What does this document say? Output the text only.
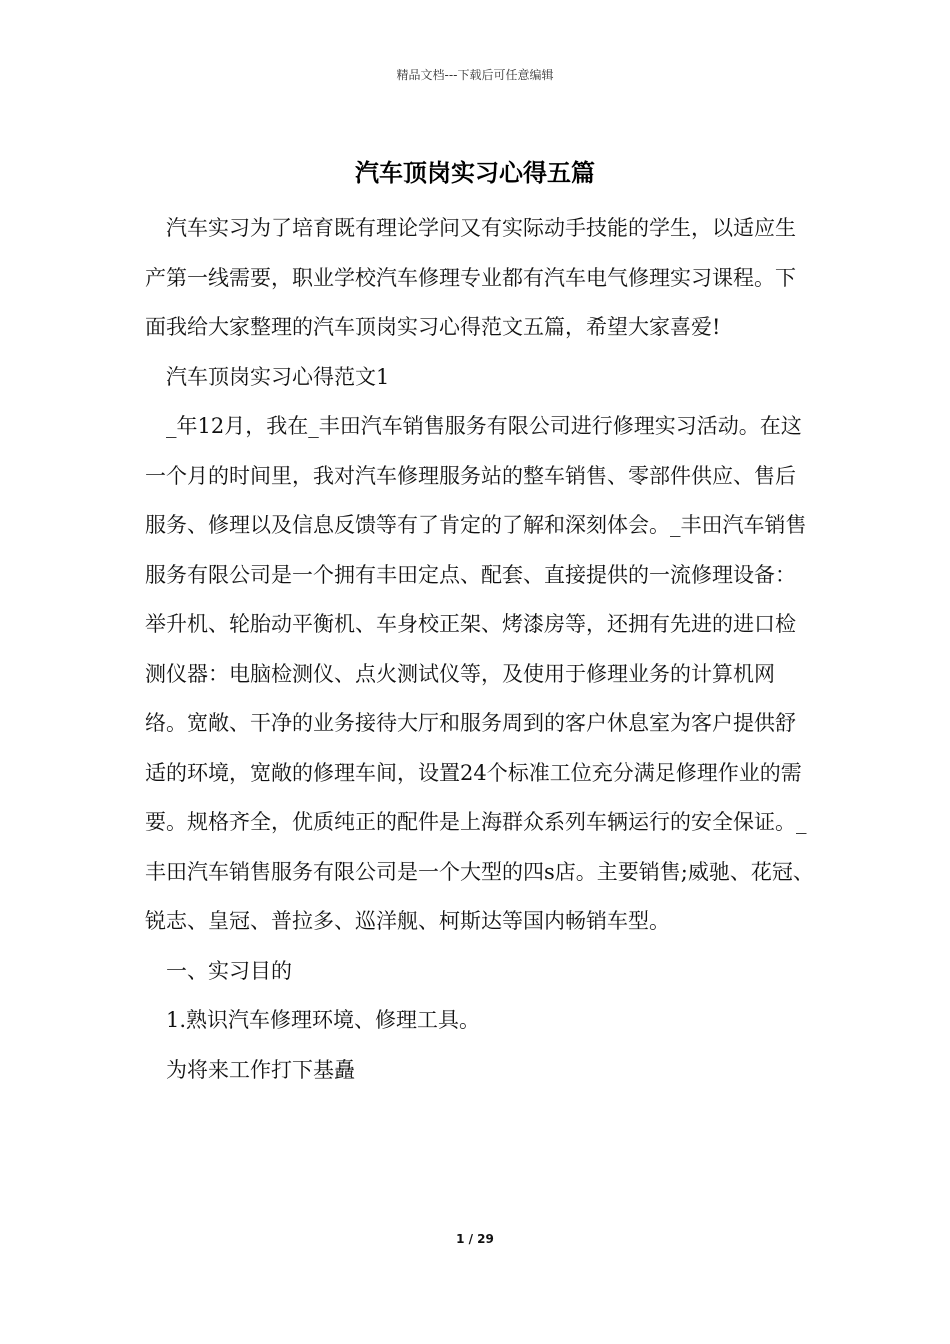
精品文档---下载后可任意编辑
汽车顶岗实习心得五篇

汽车实习为了培育既有理论学问又有实际动手技能的学生，以适应生产第一线需要，职业学校汽车修理专业都有汽车电气修理实习课程。下面我给大家整理的汽车顶岗实习心得范文五篇，希望大家喜爱!

汽车顶岗实习心得范文1

_年12月，我在_丰田汽车销售服务有限公司进行修理实习活动。在这一个月的时间里，我对汽车修理服务站的整车销售、零部件供应、售后服务、修理以及信息反馈等有了肯定的了解和深刻体会。_丰田汽车销售服务有限公司是一个拥有丰田定点、配套、直接提供的一流修理设备：举升机、轮胎动平衡机、车身校正架、烤漆房等，还拥有先进的进口检测仪器：电脑检测仪、点火测试仪等，及使用于修理业务的计算机网络。宽敞、干净的业务接待大厅和服务周到的客户休息室为客户提供舒适的环境，宽敞的修理车间，设置24个标准工位充分满足修理作业的需要。规格齐全，优质纯正的配件是上海群众系列车辆运行的安全保证。_丰田汽车销售服务有限公司是一个大型的四s店。主要销售;威驰、花冠、锐志、皇冠、普拉多、巡洋舰、柯斯达等国内畅销车型。

一、实习目的

1.熟识汽车修理环境、修理工具。

为将来工作打下基矗

1 / 29
